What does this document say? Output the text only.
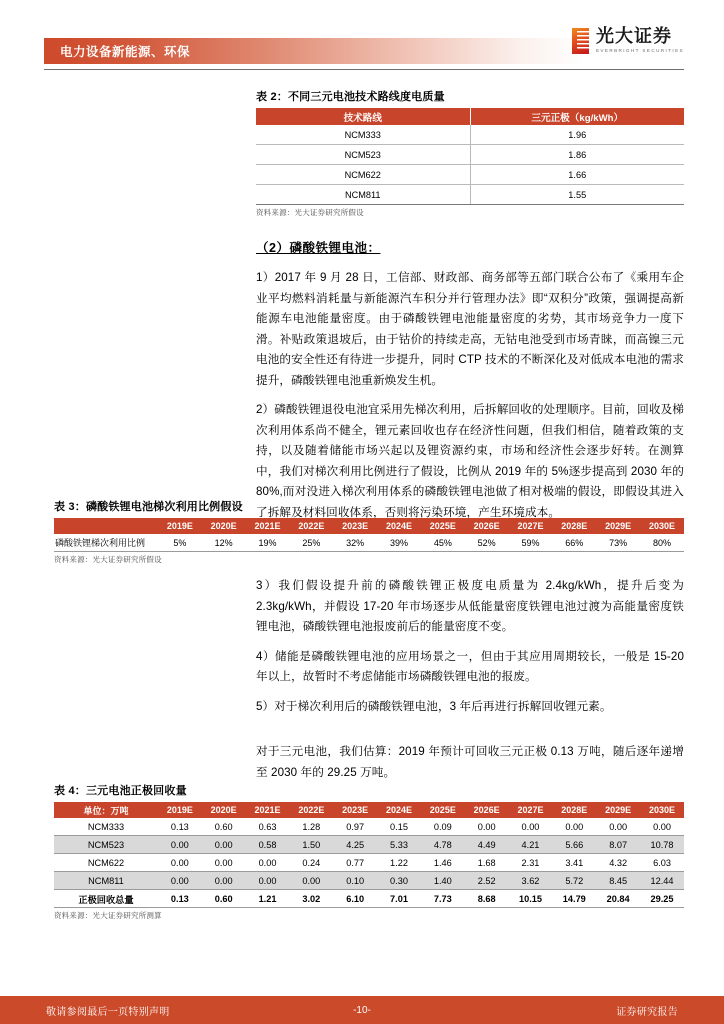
电力设备新能源、环保
光大证券
EVERBRIGHT SECURITIES
表 2：不同三元电池技术路线度电质量
技术路线	三元正极（kg/kWh）
NCM333	1.96
NCM523	1.86
NCM622	1.66
NCM811	1.55
资料来源：光大证券研究所假设
（2）磷酸铁锂电池：
1）2017 年 9 月 28 日，工信部、财政部、商务部等五部门联合公布了《乘用车企业平均燃料消耗量与新能源汽车积分并行管理办法》即“双积分”政策，强调提高新能源车电池能量密度。由于磷酸铁锂电池能量密度的劣势，其市场竞争力一度下滑。补贴政策退坡后，由于钴价的持续走高，无钴电池受到市场青睐，而高镍三元电池的安全性还有待进一步提升，同时 CTP 技术的不断深化及对低成本电池的需求提升，磷酸铁锂电池重新焕发生机。
2）磷酸铁锂退役电池宜采用先梯次利用，后拆解回收的处理顺序。目前，回收及梯次利用体系尚不健全，锂元素回收也存在经济性问题，但我们相信，随着政策的支持，以及随着储能市场兴起以及锂资源约束，市场和经济性会逐步好转。在测算中，我们对梯次利用比例进行了假设，比例从 2019 年的 5%逐步提高到 2030 年的80%,而对没进入梯次利用体系的磷酸铁锂电池做了相对极端的假设，即假设其进入了拆解及材料回收体系，否则将污染环境，产生环境成本。
表 3：磷酸铁锂电池梯次利用比例假设
	2019E	2020E	2021E	2022E	2023E	2024E	2025E	2026E	2027E	2028E	2029E	2030E
磷酸铁锂梯次利用比例	5%	12%	19%	25%	32%	39%	45%	52%	59%	66%	73%	80%
资料来源：光大证券研究所假设
3）我们假设提升前的磷酸铁锂正极度电质量为 2.4kg/kWh，提升后变为 2.3kg/kWh，并假设 17-20 年市场逐步从低能量密度铁锂电池过渡为高能量密度铁锂电池，磷酸铁锂电池报废前后的能量密度不变。
4）储能是磷酸铁锂电池的应用场景之一，但由于其应用周期较长，一般是 15-20 年以上，故暂时不考虑储能市场磷酸铁锂电池的报废。
5）对于梯次利用后的磷酸铁锂电池，3 年后再进行拆解回收锂元素。
对于三元电池，我们估算：2019 年预计可回收三元正极 0.13 万吨，随后逐年递增至 2030 年的 29.25 万吨。
表 4：三元电池正极回收量
单位：万吨	2019E	2020E	2021E	2022E	2023E	2024E	2025E	2026E	2027E	2028E	2029E	2030E
NCM333	0.13	0.60	0.63	1.28	0.97	0.15	0.09	0.00	0.00	0.00	0.00	0.00
NCM523	0.00	0.00	0.58	1.50	4.25	5.33	4.78	4.49	4.21	5.66	8.07	10.78
NCM622	0.00	0.00	0.00	0.24	0.77	1.22	1.46	1.68	2.31	3.41	4.32	6.03
NCM811	0.00	0.00	0.00	0.00	0.10	0.30	1.40	2.52	3.62	5.72	8.45	12.44
正极回收总量	0.13	0.60	1.21	3.02	6.10	7.01	7.73	8.68	10.15	14.79	20.84	29.25
资料来源：光大证券研究所测算
敬请参阅最后一页特别声明	-10-	证券研究报告
